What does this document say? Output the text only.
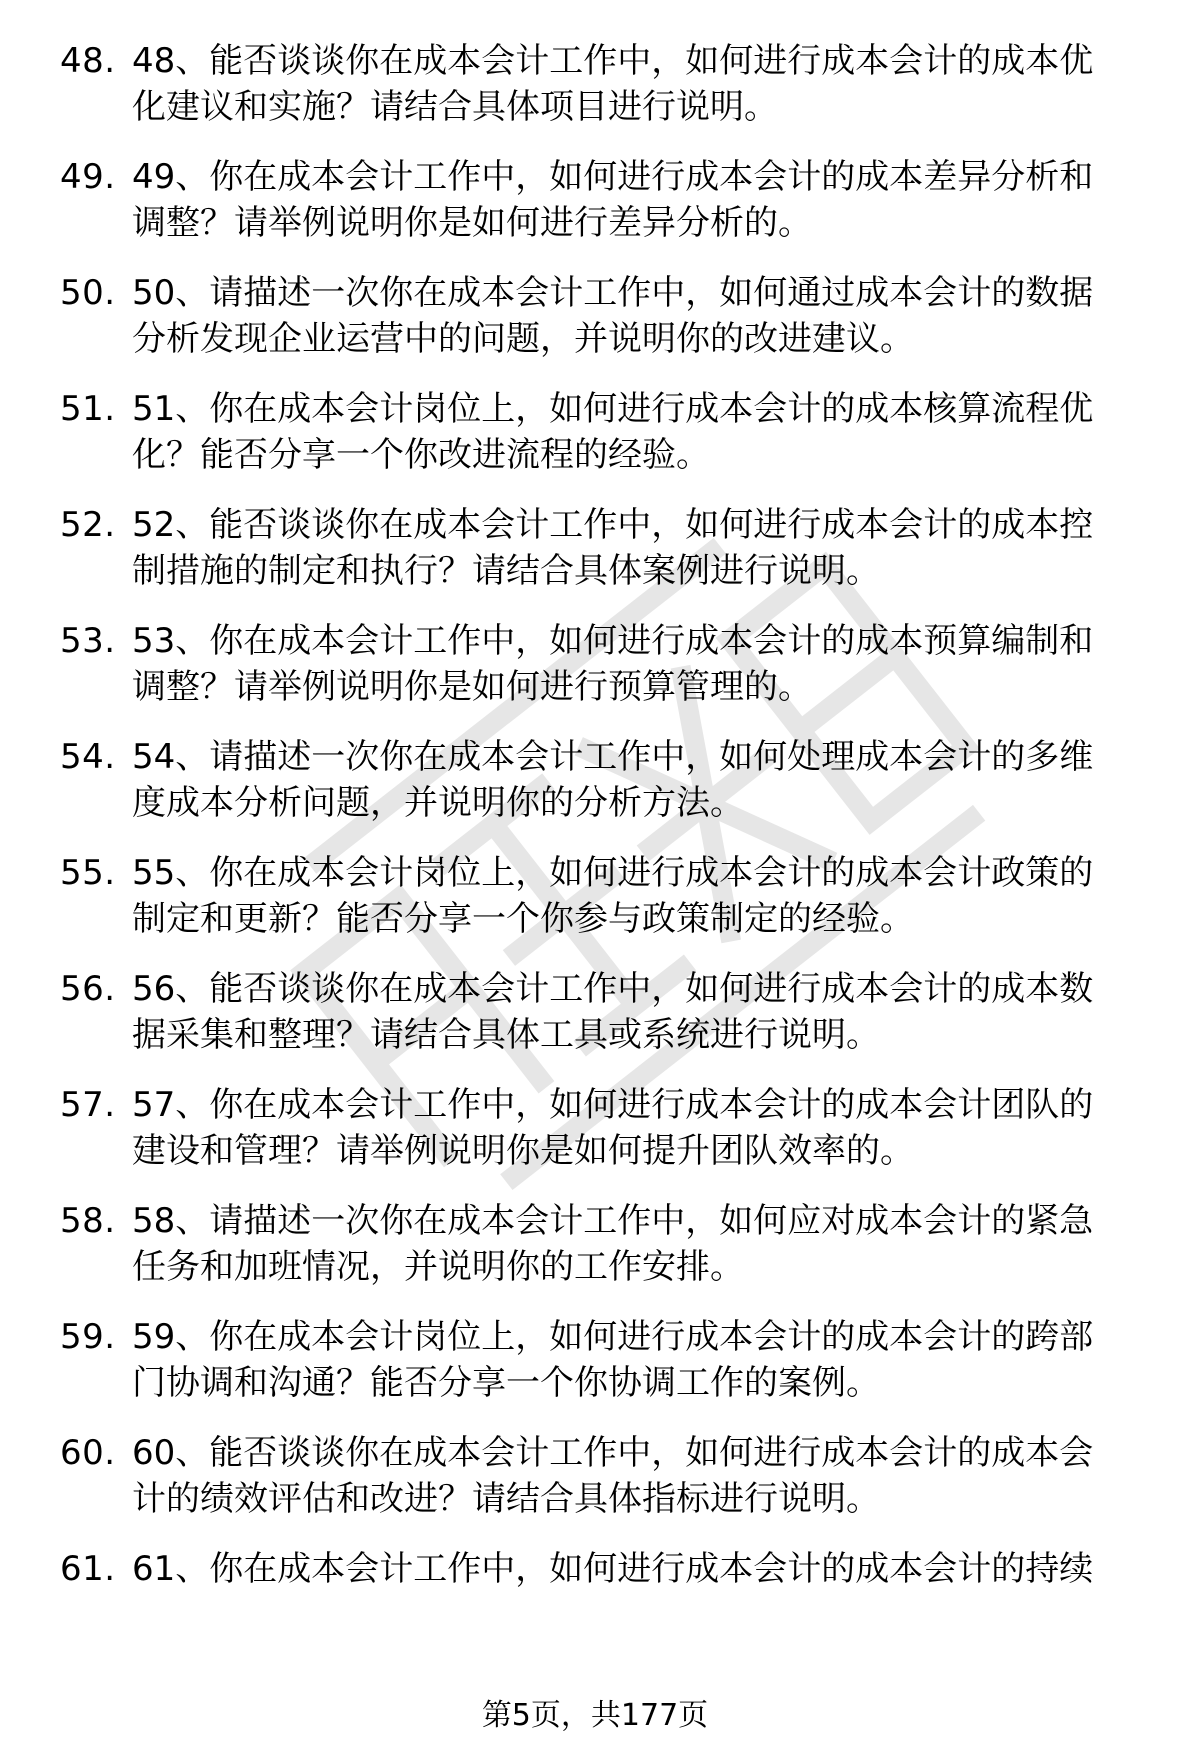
48. 48、能否谈谈你在成本会计工作中，如何进行成本会计的成本优
化建议和实施？请结合具体项目进行说明。
49. 49、你在成本会计工作中，如何进行成本会计的成本差异分析和
调整？请举例说明你是如何进行差异分析的。
50. 50、请描述一次你在成本会计工作中，如何通过成本会计的数据
分析发现企业运营中的问题，并说明你的改进建议。
51. 51、你在成本会计岗位上，如何进行成本会计的成本核算流程优
化？能否分享一个你改进流程的经验。
52. 52、能否谈谈你在成本会计工作中，如何进行成本会计的成本控
制措施的制定和执行？请结合具体案例进行说明。
53. 53、你在成本会计工作中，如何进行成本会计的成本预算编制和
调整？请举例说明你是如何进行预算管理的。
54. 54、请描述一次你在成本会计工作中，如何处理成本会计的多维
度成本分析问题，并说明你的分析方法。
55. 55、你在成本会计岗位上，如何进行成本会计的成本会计政策的
制定和更新？能否分享一个你参与政策制定的经验。
56. 56、能否谈谈你在成本会计工作中，如何进行成本会计的成本数
据采集和整理？请结合具体工具或系统进行说明。
57. 57、你在成本会计工作中，如何进行成本会计的成本会计团队的
建设和管理？请举例说明你是如何提升团队效率的。
58. 58、请描述一次你在成本会计工作中，如何应对成本会计的紧急
任务和加班情况，并说明你的工作安排。
59. 59、你在成本会计岗位上，如何进行成本会计的成本会计的跨部
门协调和沟通？能否分享一个你协调工作的案例。
60. 60、能否谈谈你在成本会计工作中，如何进行成本会计的成本会
计的绩效评估和改进？请结合具体指标进行说明。
61. 61、你在成本会计工作中，如何进行成本会计的成本会计的持续
第5页，共177页
